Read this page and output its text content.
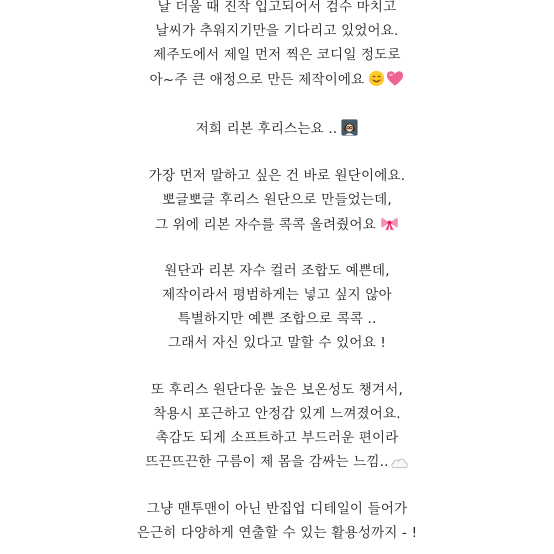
날 더울 때 진작 입고되어서 검수 마치고
날씨가 추워지기만을 기다리고 있었어요.
제주도에서 제일 먼저 찍은 코디일 정도로
아~주 큰 애정으로 만든 제작이에요
저희 리본 후리스는요 ..
가장 먼저 말하고 싶은 건 바로 원단이에요.
뽀글뽀글 후리스 원단으로 만들었는데,
그 위에 리본 자수를 콕콕 올려줬어요
원단과 리본 자수 컬러 조합도 예쁜데,
제작이라서 평범하게는 넣고 싶지 않아
특별하지만 예쁜 조합으로 콕콕 ..
그래서 자신 있다고 말할 수 있어요 !
또 후리스 원단다운 높은 보온성도 챙겨서,
착용시 포근하고 안정감 있게 느껴졌어요.
촉감도 되게 소프트하고 부드러운 편이라
뜨끈뜨끈한 구름이 제 몸을 감싸는 느낌..
그냥 맨투맨이 아닌 반집업 디테일이 들어가
은근히 다양하게 연출할 수 있는 활용성까지 - !
